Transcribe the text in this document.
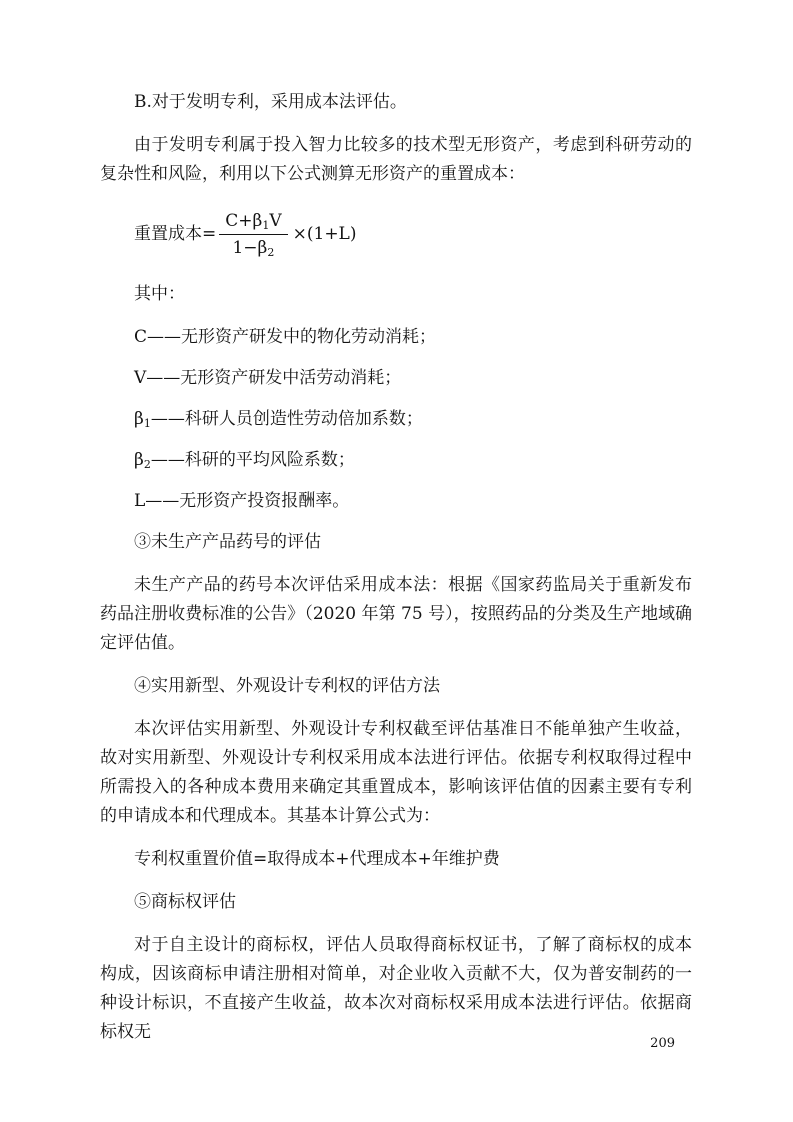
B.对于发明专利，采用成本法评估。

由于发明专利属于投入智力比较多的技术型无形资产，考虑到科研劳动的复杂性和风险，利用以下公式测算无形资产的重置成本：

重置成本= $\frac{C+\beta_1V}{1-\beta_2} \times(1+L)$

其中：

C——无形资产研发中的物化劳动消耗；

V——无形资产研发中活劳动消耗；

$\beta_1——$科研人员创造性劳动倍加系数；

$\beta_2——$科研的平均风险系数；

L——无形资产投资报酬率。

③未生产产品药号的评估

未生产产品的药号本次评估采用成本法：根据《国家药监局关于重新发布药品注册收费标准的公告》（2020 年第 75 号），按照药品的分类及生产地域确定评估值。

④实用新型、外观设计专利权的评估方法

本次评估实用新型、外观设计专利权截至评估基准日不能单独产生收益，故对实用新型、外观设计专利权采用成本法进行评估。依据专利权取得过程中所需投入的各种成本费用来确定其重置成本，影响该评估值的因素主要有专利的申请成本和代理成本。其基本计算公式为：

专利权重置价值=取得成本+代理成本+年维护费

⑤商标权评估

对于自主设计的商标权，评估人员取得商标权证书，了解了商标权的成本构成，因该商标申请注册相对简单，对企业收入贡献不大，仅为普安制药的一种设计标识，不直接产生收益，故本次对商标权采用成本法进行评估。依据商标权无

209
